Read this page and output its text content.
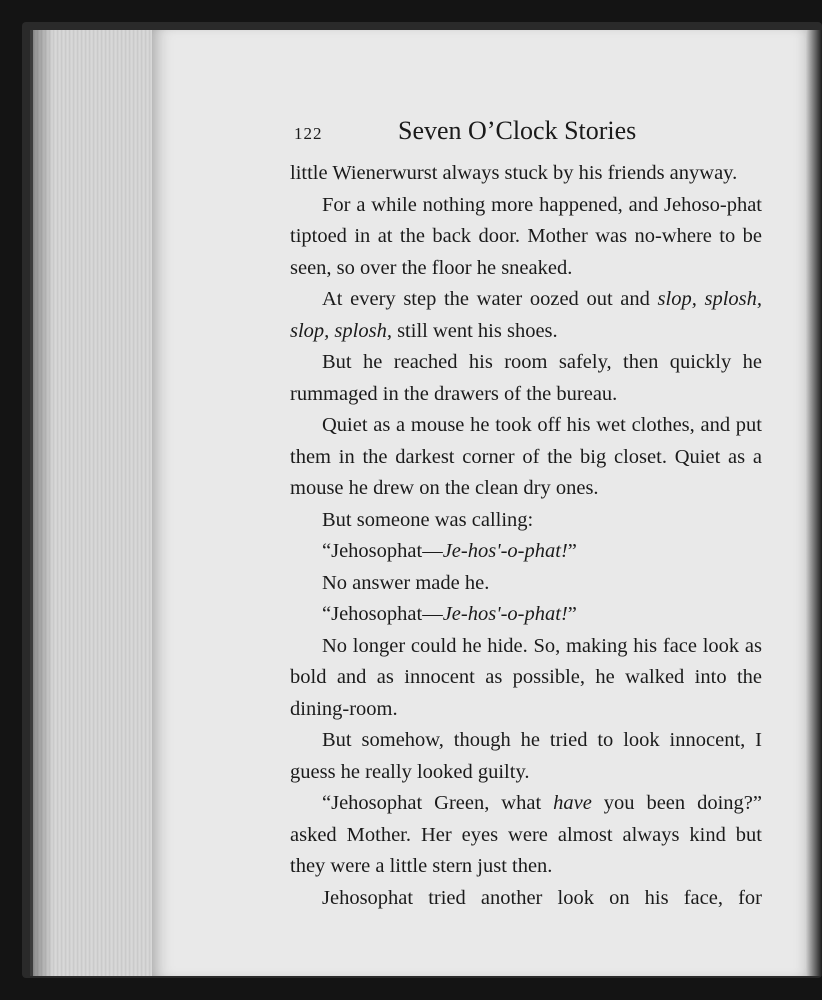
122	Seven O’Clock Stories

little Wienerwurst always stuck by his friends anyway.

For a while nothing more happened, and Jehoso-phat tiptoed in at the back door. Mother was no-where to be seen, so over the floor he sneaked.

At every step the water oozed out and slop, splosh, slop, splosh, still went his shoes.

But he reached his room safely, then quickly he rummaged in the drawers of the bureau.

Quiet as a mouse he took off his wet clothes, and put them in the darkest corner of the big closet. Quiet as a mouse he drew on the clean dry ones.

But someone was calling:

“Jehosophat—Je-hos'-o-phat!”

No answer made he.

“Jehosophat—Je-hos'-o-phat!”

No longer could he hide. So, making his face look as bold and as innocent as possible, he walked into the dining-room.

But somehow, though he tried to look innocent, I guess he really looked guilty.

“Jehosophat Green, what have you been doing?” asked Mother. Her eyes were almost always kind but they were a little stern just then.

Jehosophat tried another look on his face, for
